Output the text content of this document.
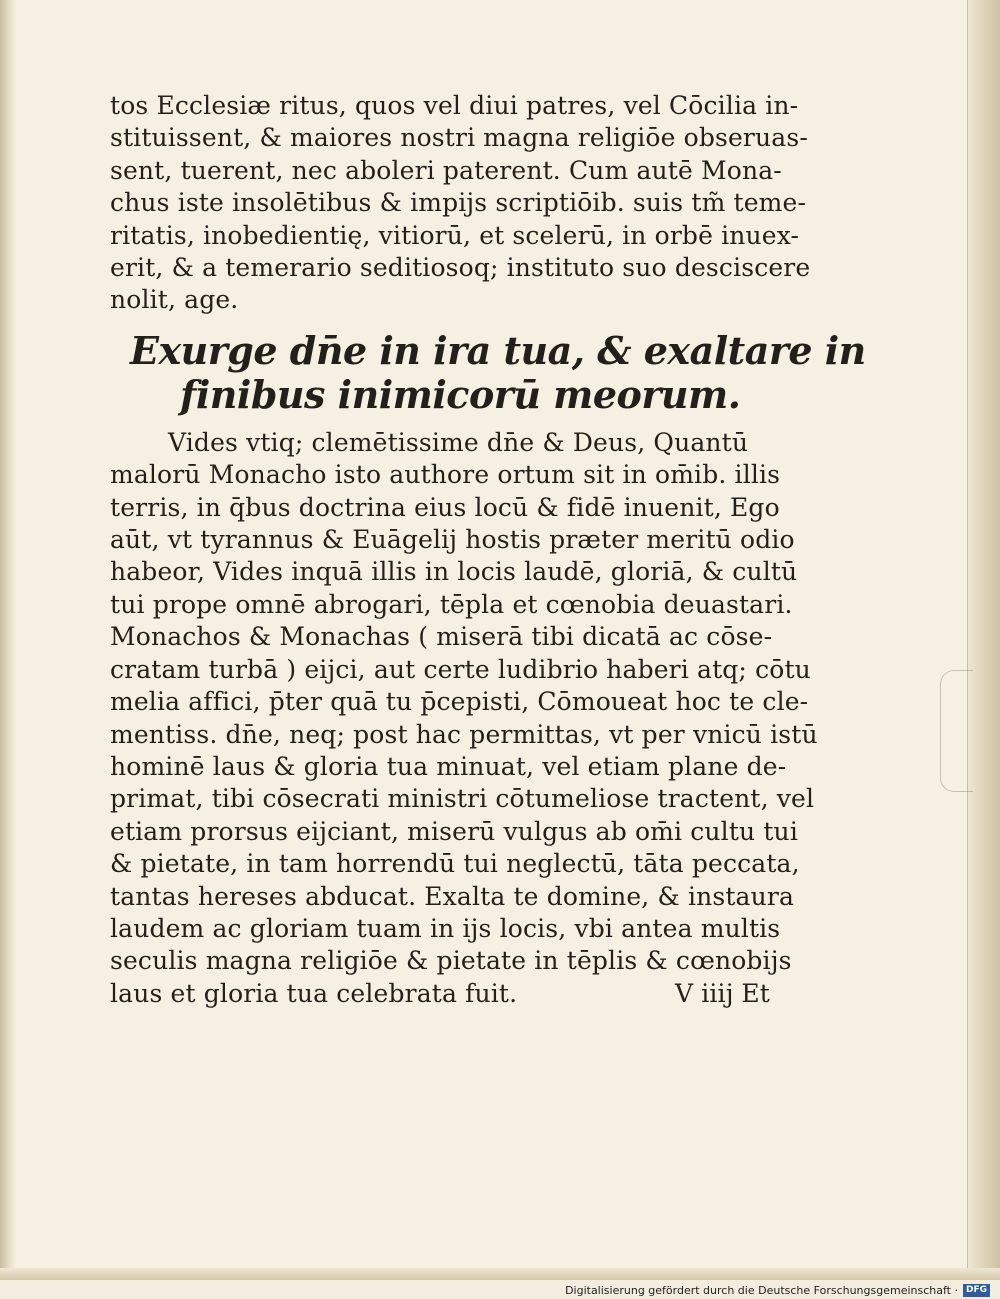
tos Ecclesiæ ritus, quos vel diui patres, vel Cōcilia in-
stituissent, & maiores nostri magna religiōe obseruas-
sent, tuerent, nec aboleri paterent. Cum autē Mona-
chus iste insolētibus & impijs scriptiōib. suis tm̃ teme-
ritatis, inobedientię, vitiorū, et scelerū, in orbē inuex-
erit, & a temerario seditiosoq; instituto suo desciscere
nolit, age.
Exurge dn̄e in ira tua, & exaltare in
finibus inimicorū meorum.
Vides vtiq; clemētissime dn̄e & Deus, Quantū
malorū Monacho isto authore ortum sit in om̄ib. illis
terris, in q̄bus doctrina eius locū & fidē inuenit, Ego
aūt, vt tyrannus & Euāgelij hostis præter meritū odio
habeor, Vides inquā illis in locis laudē, gloriā, & cultū
tui prope omnē abrogari, tēpla et cœnobia deuastari.
Monachos & Monachas ( miserā tibi dicatā ac cōse-
cratam turbā ) eijci, aut certe ludibrio haberi atq; cōtu
melia affici, p̄ter quā tu p̄cepisti, Cōmoueat hoc te cle-
mentiss. dn̄e, neq; post hac permittas, vt per vnicū istū
hominē laus & gloria tua minuat, vel etiam plane de-
primat, tibi cōsecrati ministri cōtumeliose tractent, vel
etiam prorsus eijciant, miserū vulgus ab om̄i cultu tui
& pietate, in tam horrendū tui neglectū, tāta peccata,
tantas hereses abducat. Exalta te domine, & instaura
laudem ac gloriam tuam in ijs locis, vbi antea multis
seculis magna religiōe & pietate in tēplis & cœnobijs
laus et gloria tua celebrata fuit.	V iiij Et
Digitalisierung gefördert durch die Deutsche Forschungsgemeinschaft · DFG
